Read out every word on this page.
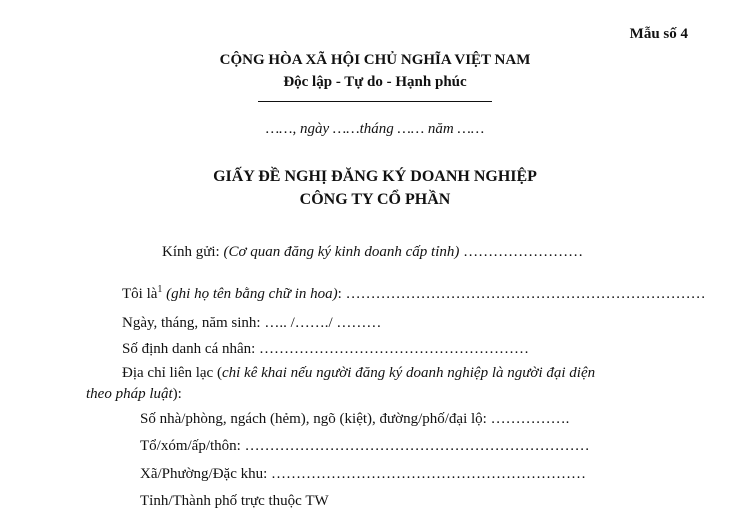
Mẫu số 4
CỘNG HÒA XÃ HỘI CHỦ NGHĨA VIỆT NAM
Độc lập - Tự do - Hạnh phúc
……, ngày ……tháng …… năm ……
GIẤY ĐỀ NGHỊ ĐĂNG KÝ DOANH NGHIỆP
CÔNG TY CỔ PHẦN
Kính gửi: (Cơ quan đăng ký kinh doanh cấp tỉnh) ……………………
Tôi $là^1$ (ghi họ tên bằng chữ in hoa): ………………………………………………………………
Ngày, tháng, năm sinh: ….. /……./ ………
Số định danh cá nhân: ………………………………………………
Địa chỉ liên lạc (chỉ kê khai nếu người đăng ký doanh nghiệp là người đại diện
theo pháp luật):
Số nhà/phòng, ngách (hẻm), ngõ (kiệt), đường/phố/đại lộ: …………….
Tổ/xóm/ấp/thôn: ……………………………………………………………
Xã/Phường/Đặc khu: ………………………………………………………
Tỉnh/Thành phố trực thuộc TW
